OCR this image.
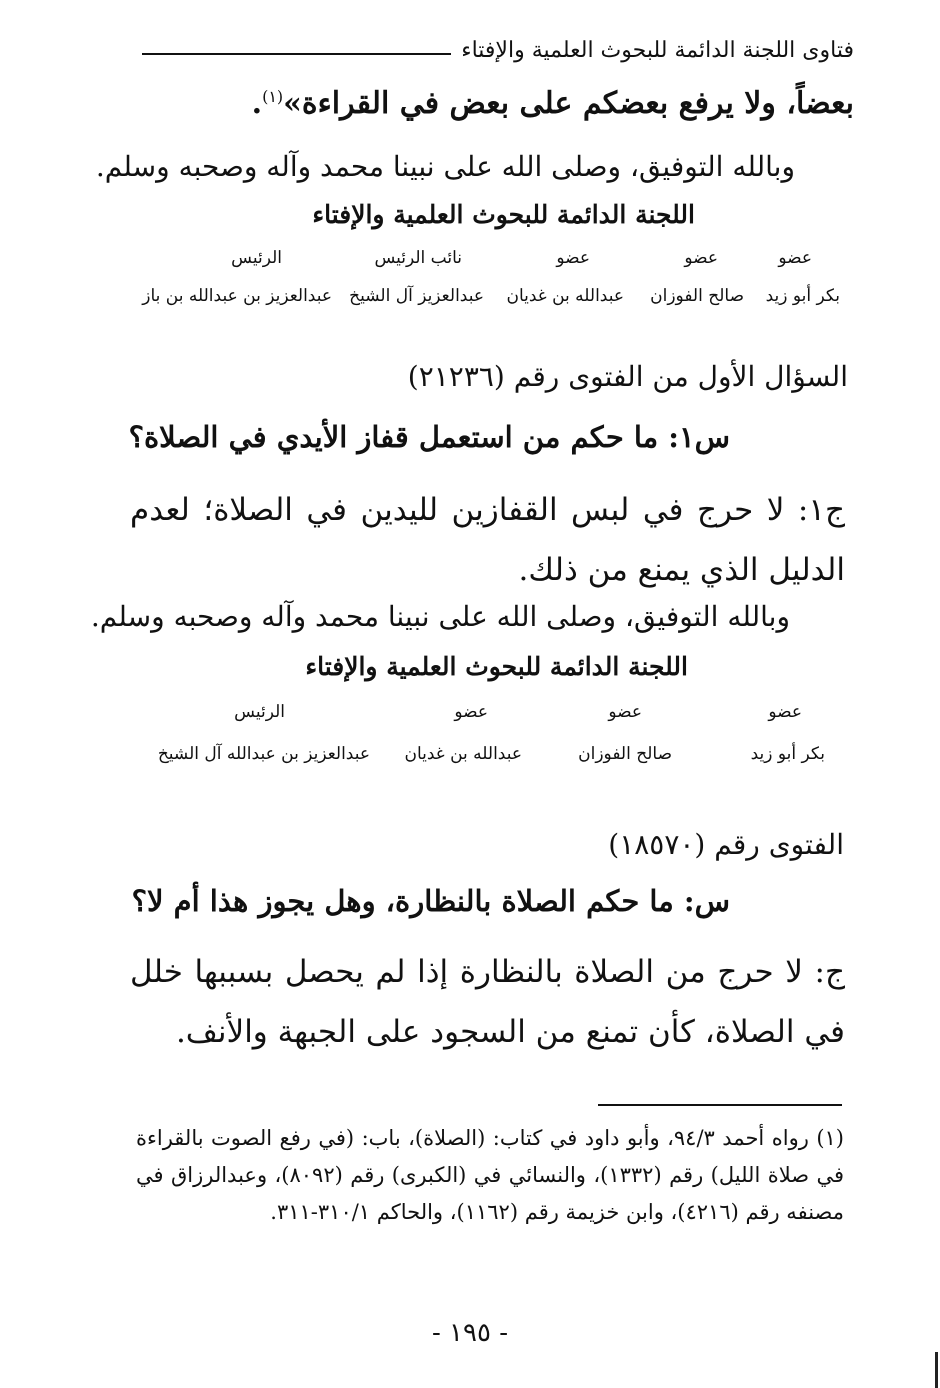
فتاوى اللجنة الدائمة للبحوث العلمية والإفتاء
بعضاً، ولا يرفع بعضكم على بعض في القراءة»$^{(١)}$.
وبالله التوفيق، وصلى الله على نبينا محمد وآله وصحبه وسلم.
اللجنة الدائمة للبحوث العلمية والإفتاء
عضو
عضو
عضو
نائب الرئيس
الرئيس
بكر أبو زيد
صالح الفوزان
عبدالله بن غديان
عبدالعزيز آل الشيخ
عبدالعزيز بن عبدالله بن باز
السؤال الأول من الفتوى رقم (٢١٢٣٦)
س١: ما حكم من استعمل قفاز الأيدي في الصلاة؟
ج١: لا حرج في لبس القفازين لليدين في الصلاة؛ لعدم الدليل الذي يمنع من ذلك.
وبالله التوفيق، وصلى الله على نبينا محمد وآله وصحبه وسلم.
اللجنة الدائمة للبحوث العلمية والإفتاء
عضو
عضو
عضو
الرئيس
بكر أبو زيد
صالح الفوزان
عبدالله بن غديان
عبدالعزيز بن عبدالله آل الشيخ
الفتوى رقم (١٨٥٧٠)
س: ما حكم الصلاة بالنظارة، وهل يجوز هذا أم لا؟
ج: لا حرج من الصلاة بالنظارة إذا لم يحصل بسببها خلل في الصلاة، كأن تمنع من السجود على الجبهة والأنف.
(١) رواه أحمد ٩٤/٣، وأبو داود في كتاب: (الصلاة)، باب: (في رفع الصوت بالقراءة في صلاة الليل) رقم (١٣٣٢)، والنسائي في (الكبرى) رقم (٨٠٩٢)، وعبدالرزاق في مصنفه رقم (٤٢١٦)، وابن خزيمة رقم (١١٦٢)، والحاكم ٣١٠/١-٣١١.
- ١٩٥ -
